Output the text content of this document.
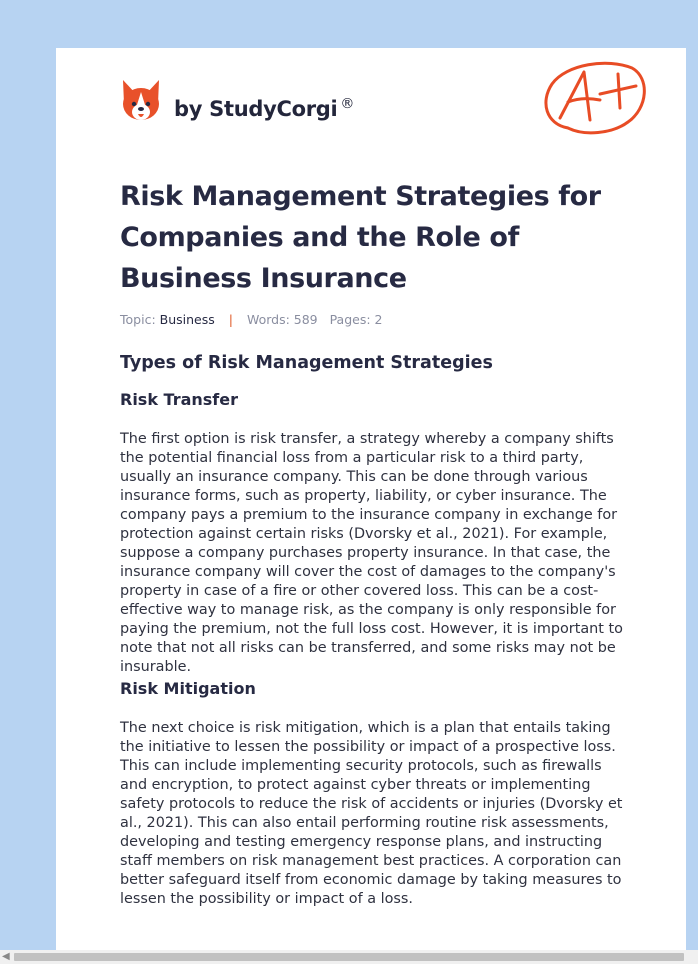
by StudyCorgi ®
Risk Management Strategies for Companies and the Role of Business Insurance
Topic: Business | Words: 589 Pages: 2
Types of Risk Management Strategies
Risk Transfer

The first option is risk transfer, a strategy whereby a company shifts the potential financial loss from a particular risk to a third party, usually an insurance company. This can be done through various insurance forms, such as property, liability, or cyber insurance. The company pays a premium to the insurance company in exchange for protection against certain risks (Dvorsky et al., 2021). For example, suppose a company purchases property insurance. In that case, the insurance company will cover the cost of damages to the company's property in case of a fire or other covered loss. This can be a cost-effective way to manage risk, as the company is only responsible for paying the premium, not the full loss cost. However, it is important to note that not all risks can be transferred, and some risks may not be insurable.

Risk Mitigation

The next choice is risk mitigation, which is a plan that entails taking the initiative to lessen the possibility or impact of a prospective loss. This can include implementing security protocols, such as firewalls and encryption, to protect against cyber threats or implementing safety protocols to reduce the risk of accidents or injuries (Dvorsky et al., 2021). This can also entail performing routine risk assessments, developing and testing emergency response plans, and instructing staff members on risk management best practices. A corporation can better safeguard itself from economic damage by taking measures to lessen the possibility or impact of a loss.

◀
